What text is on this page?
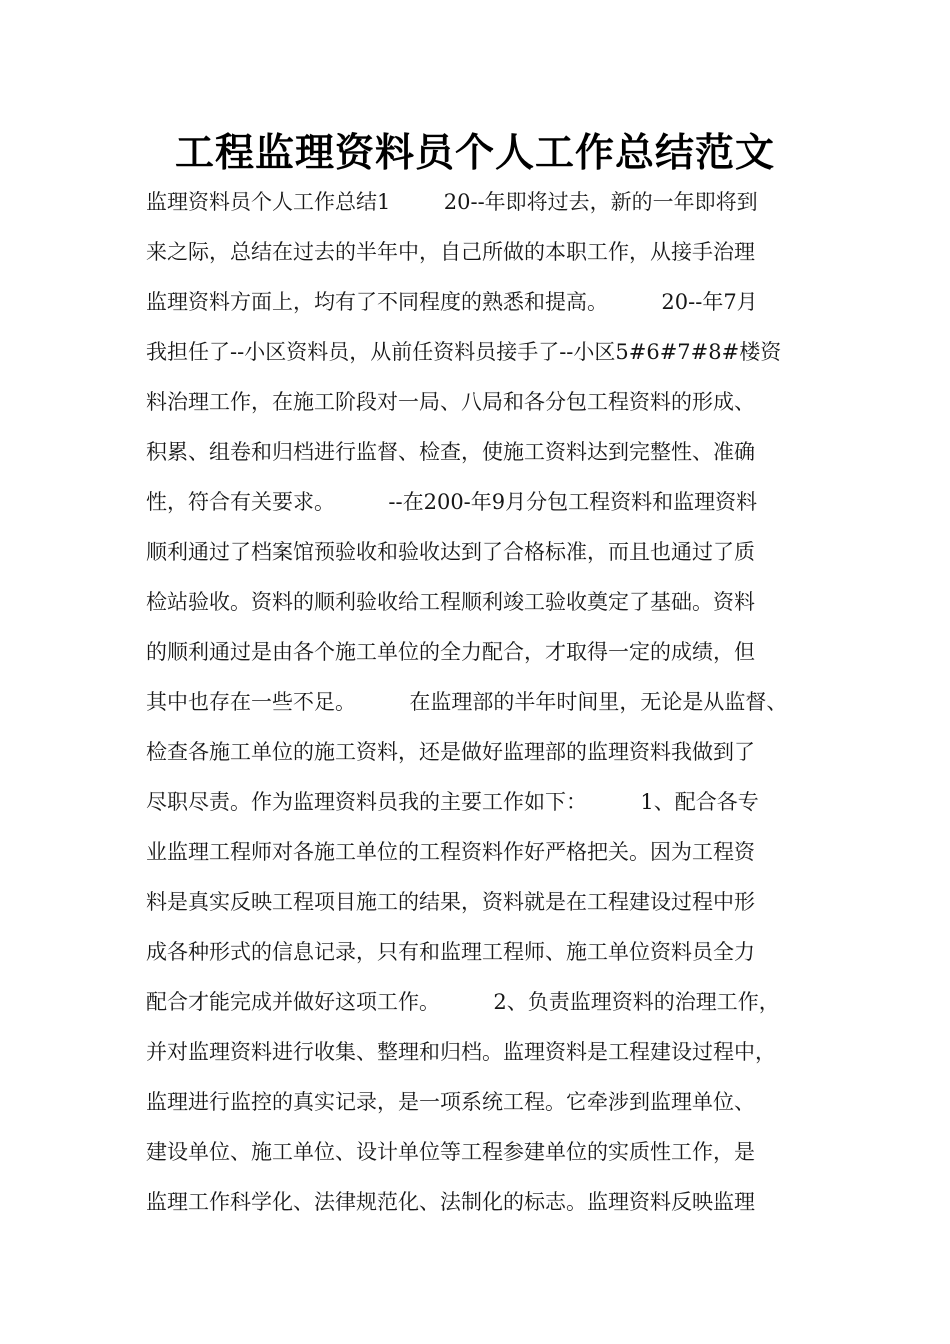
工程监理资料员个人工作总结范文
监理资料员个人工作总结1        20--年即将过去，新的一年即将到
来之际，总结在过去的半年中，自己所做的本职工作，从接手治理
监理资料方面上，均有了不同程度的熟悉和提高。        20--年7月
我担任了--小区资料员，从前任资料员接手了--小区5#6#7#8#楼资
料治理工作，在施工阶段对一局、八局和各分包工程资料的形成、
积累、组卷和归档进行监督、检查，使施工资料达到完整性、准确
性，符合有关要求。        --在200-年9月分包工程资料和监理资料
顺利通过了档案馆预验收和验收达到了合格标准，而且也通过了质
检站验收。资料的顺利验收给工程顺利竣工验收奠定了基础。资料
的顺利通过是由各个施工单位的全力配合，才取得一定的成绩，但
其中也存在一些不足。        在监理部的半年时间里，无论是从监督、
检查各施工单位的施工资料，还是做好监理部的监理资料我做到了
尽职尽责。作为监理资料员我的主要工作如下：        1、配合各专
业监理工程师对各施工单位的工程资料作好严格把关。因为工程资
料是真实反映工程项目施工的结果，资料就是在工程建设过程中形
成各种形式的信息记录，只有和监理工程师、施工单位资料员全力
配合才能完成并做好这项工作。        2、负责监理资料的治理工作，
并对监理资料进行收集、整理和归档。监理资料是工程建设过程中，
监理进行监控的真实记录，是一项系统工程。它牵涉到监理单位、
建设单位、施工单位、设计单位等工程参建单位的实质性工作，是
监理工作科学化、法律规范化、法制化的标志。监理资料反映监理
